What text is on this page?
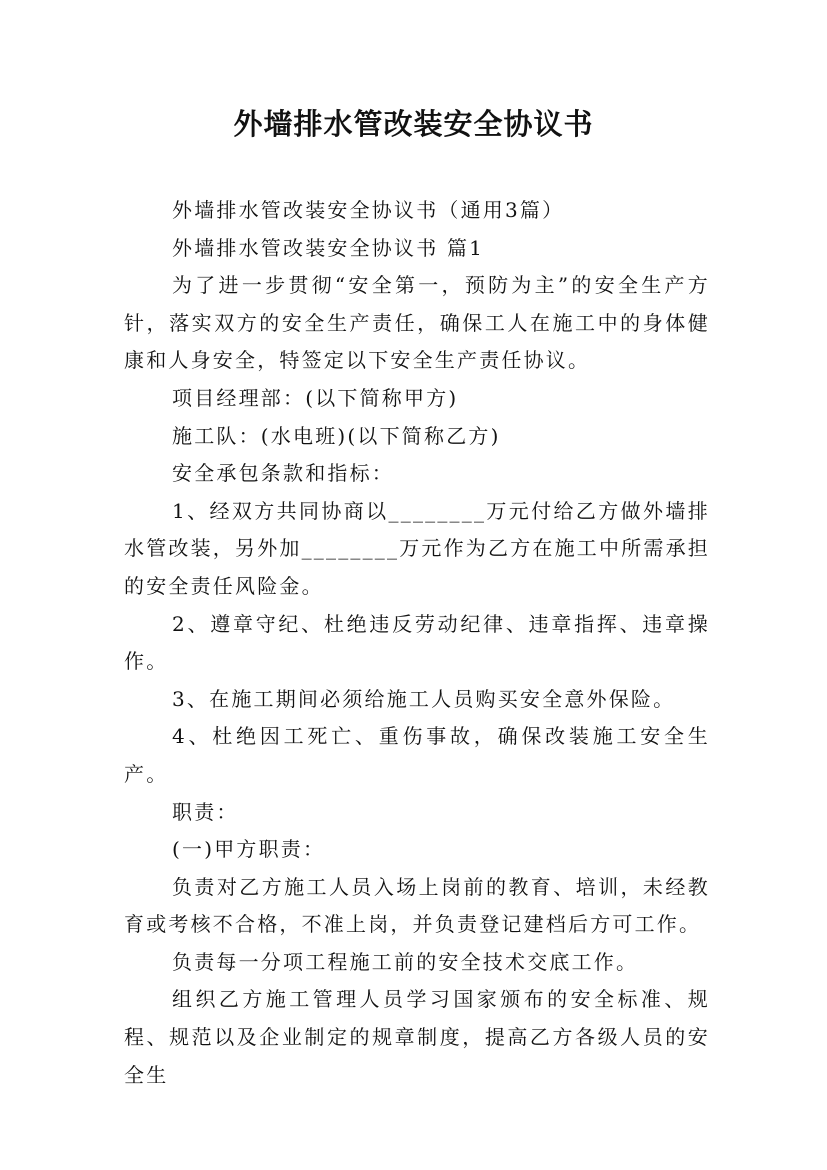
外墙排水管改装安全协议书

外墙排水管改装安全协议书（通用3篇）

外墙排水管改装安全协议书 篇1

为了进一步贯彻“安全第一，预防为主”的安全生产方针，落实双方的安全生产责任，确保工人在施工中的身体健康和人身安全，特签定以下安全生产责任协议。

项目经理部：(以下简称甲方)

施工队：(水电班)(以下简称乙方)

安全承包条款和指标：

1、经双方共同协商以________万元付给乙方做外墙排水管改装，另外加________万元作为乙方在施工中所需承担的安全责任风险金。

2、遵章守纪、杜绝违反劳动纪律、违章指挥、违章操作。

3、在施工期间必须给施工人员购买安全意外保险。

4、杜绝因工死亡、重伤事故，确保改装施工安全生产。

职责：

(一)甲方职责：

负责对乙方施工人员入场上岗前的教育、培训，未经教育或考核不合格，不准上岗，并负责登记建档后方可工作。

负责每一分项工程施工前的安全技术交底工作。

组织乙方施工管理人员学习国家颁布的安全标准、规程、规范以及企业制定的规章制度，提高乙方各级人员的安全生
